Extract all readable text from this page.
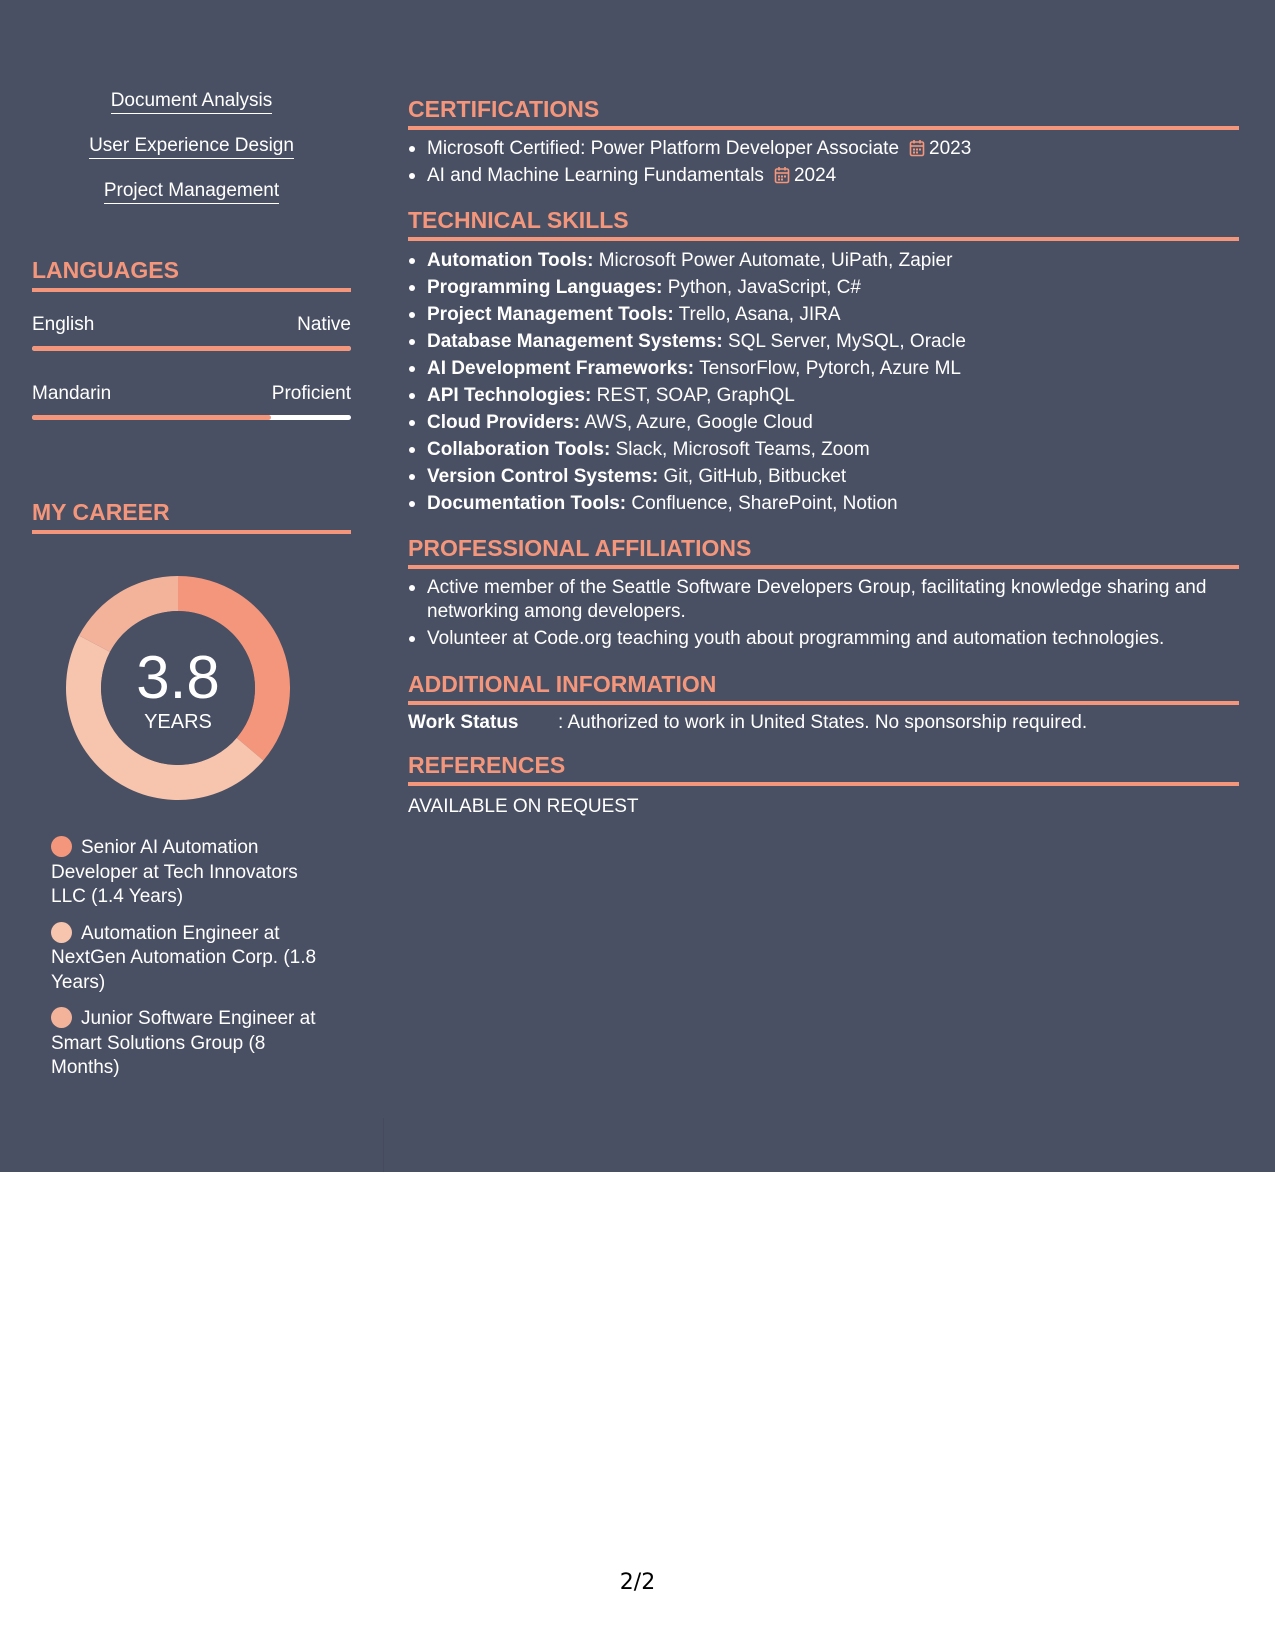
Document Analysis
User Experience Design
Project Management
LANGUAGES
English	Native
Mandarin	Proficient
MY CAREER
3.8
YEARS
Senior AI Automation Developer at Tech Innovators LLC (1.4 Years)
Automation Engineer at NextGen Automation Corp. (1.8 Years)
Junior Software Engineer at Smart Solutions Group (8 Months)
CERTIFICATIONS
Microsoft Certified: Power Platform Developer Associate 2023
AI and Machine Learning Fundamentals 2024
TECHNICAL SKILLS
Automation Tools: Microsoft Power Automate, UiPath, Zapier
Programming Languages: Python, JavaScript, C#
Project Management Tools: Trello, Asana, JIRA
Database Management Systems: SQL Server, MySQL, Oracle
AI Development Frameworks: TensorFlow, Pytorch, Azure ML
API Technologies: REST, SOAP, GraphQL
Cloud Providers: AWS, Azure, Google Cloud
Collaboration Tools: Slack, Microsoft Teams, Zoom
Version Control Systems: Git, GitHub, Bitbucket
Documentation Tools: Confluence, SharePoint, Notion
PROFESSIONAL AFFILIATIONS
Active member of the Seattle Software Developers Group, facilitating knowledge sharing and networking among developers.
Volunteer at Code.org teaching youth about programming and automation technologies.
ADDITIONAL INFORMATION
Work Status : Authorized to work in United States. No sponsorship required.
REFERENCES
AVAILABLE ON REQUEST
2/2
